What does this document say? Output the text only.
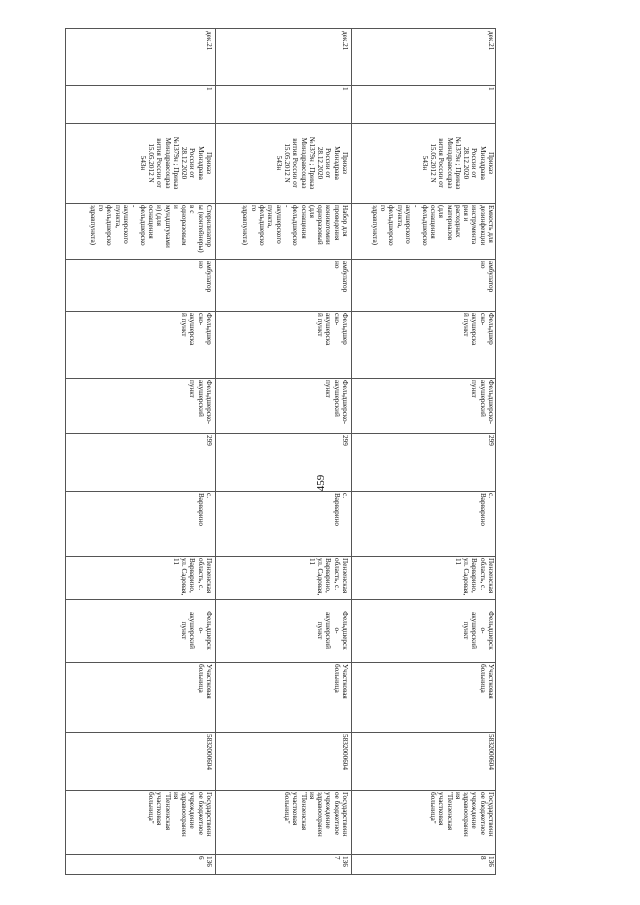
459
дек.21
1
Приказ
Минздрава
России от
28.12.2020
№1379н ; Приказ
Минздравсоцраз
вития России от
15.05.2012 N
543н
Стерилизатор
ы (контейнеры)
в с
одноразовым
и
мундштуками
и) (для
оснащения
фельдшерско
-
акушерского
пункта,
фельдшерско
го
здравпункта)
амбулатор
но
Фельдшер
ско-
акушерска
й пункт
Фельдшерско-
акушерский
пункт
299
с.
Варварино
Пензенская
область, с.
Варварино,
ул. Садовая,
11
Фельдшерск
о-
акушерский
пункт
Участковая
больница
5832000604
Государственн
ое бюджетное
учреждение
здравоохранен
ия
"Пензенская
участковая
больница"
136
6
дек.21
1
Приказ
Минздрава
России от
28.12.2020
№1379н ; Приказ
Минздравсоцраз
вития России от
15.05.2012 N
543н
Набор для
проведения
коникотомии
одноразовый
(для
оснащения
фельдшерско
-
акушерского
пункта,
фельдшерско
го
здравпункта)
амбулатор
но
Фельдшер
ско-
акушерска
й пункт
Фельдшерско-
акушерский
пункт
299
с.
Варварино
Пензенская
область, с.
Варварино,
ул. Садовая,
11
Фельдшерск
о-
акушерский
пункт
Участковая
больница
5832000604
Государственн
ое бюджетное
учреждение
здравоохранен
ия
"Пензенская
участковая
больница"
136
7
дек.21
1
Приказ
Минздрава
России от
28.12.2020
№1379н ; Приказ
Минздравсоцраз
вития России от
15.05.2012 N
543н
Емкость для
дезинфекции
инструмента
рия и
расходных
материалов
(для
оснащения
фельдшерско
-
акушерского
пункта,
фельдшерско
го
здравпункта)
амбулатор
но
Фельдшер
ско-
акушерска
й пункт
Фельдшерско-
акушерский
пункт
299
с.
Варварино
Пензенская
область, с.
Варварино,
ул. Садовая,
11
Фельдшерск
о-
акушерский
пункт
Участковая
больница
5832000604
Государственн
ое бюджетное
учреждение
здравоохранен
ия
"Пензенская
участковая
больница"
136
8
